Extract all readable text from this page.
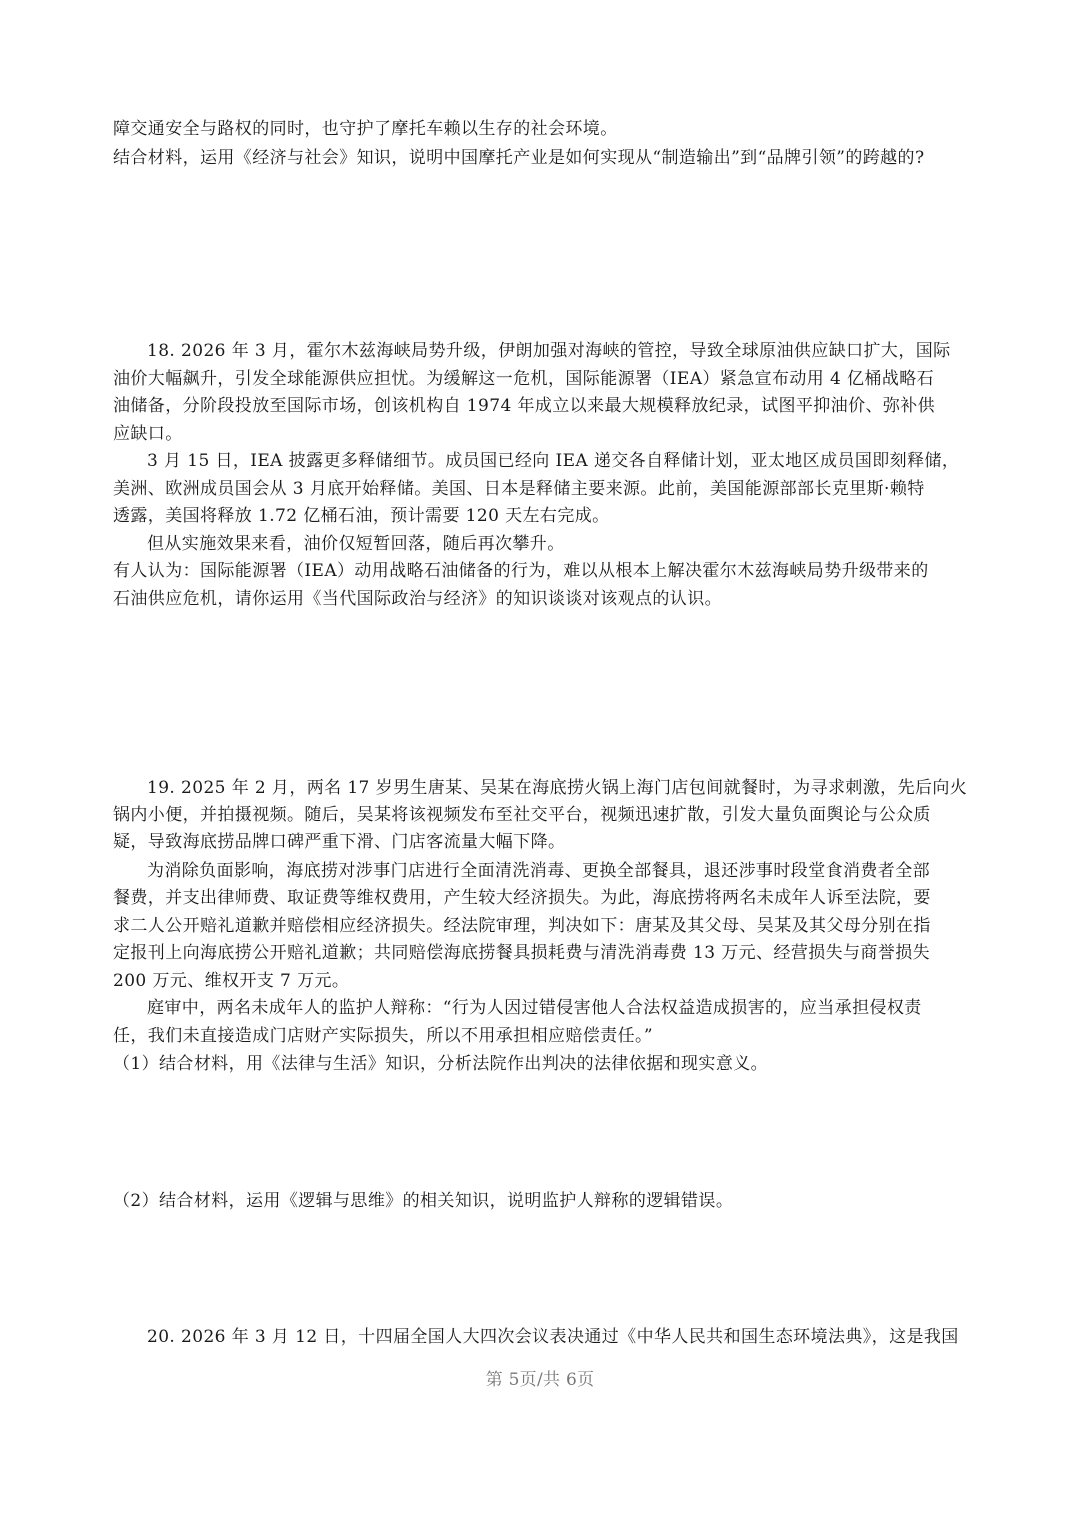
障交通安全与路权的同时，也守护了摩托车赖以生存的社会环境。
结合材料，运用《经济与社会》知识，说明中国摩托产业是如何实现从“制造输出”到“品牌引领”的跨越的?
18. 2026 年 3 月，霍尔木兹海峡局势升级，伊朗加强对海峡的管控，导致全球原油供应缺口扩大，国际
油价大幅飙升，引发全球能源供应担忧。为缓解这一危机，国际能源署（IEA）紧急宣布动用 4 亿桶战略石
油储备，分阶段投放至国际市场，创该机构自 1974 年成立以来最大规模释放纪录，试图平抑油价、弥补供
应缺口。
3 月 15 日，IEA 披露更多释储细节。成员国已经向 IEA 递交各自释储计划，亚太地区成员国即刻释储，
美洲、欧洲成员国会从 3 月底开始释储。美国、日本是释储主要来源。此前，美国能源部部长克里斯·赖特
透露，美国将释放 1.72 亿桶石油，预计需要 120 天左右完成。
但从实施效果来看，油价仅短暂回落，随后再次攀升。
有人认为：国际能源署（IEA）动用战略石油储备的行为，难以从根本上解决霍尔木兹海峡局势升级带来的
石油供应危机，请你运用《当代国际政治与经济》的知识谈谈对该观点的认识。
19. 2025 年 2 月，两名 17 岁男生唐某、吴某在海底捞火锅上海门店包间就餐时，为寻求刺激，先后向火
锅内小便，并拍摄视频。随后，吴某将该视频发布至社交平台，视频迅速扩散，引发大量负面舆论与公众质
疑，导致海底捞品牌口碑严重下滑、门店客流量大幅下降。
为消除负面影响，海底捞对涉事门店进行全面清洗消毒、更换全部餐具，退还涉事时段堂食消费者全部
餐费，并支出律师费、取证费等维权费用，产生较大经济损失。为此，海底捞将两名未成年人诉至法院，要
求二人公开赔礼道歉并赔偿相应经济损失。经法院审理，判决如下：唐某及其父母、吴某及其父母分别在指
定报刊上向海底捞公开赔礼道歉；共同赔偿海底捞餐具损耗费与清洗消毒费 13 万元、经营损失与商誉损失
200 万元、维权开支 7 万元。
庭审中，两名未成年人的监护人辩称：“行为人因过错侵害他人合法权益造成损害的，应当承担侵权责
任，我们未直接造成门店财产实际损失，所以不用承担相应赔偿责任。”
（1）结合材料，用《法律与生活》知识，分析法院作出判决的法律依据和现实意义。
（2）结合材料，运用《逻辑与思维》的相关知识，说明监护人辩称的逻辑错误。
20. 2026 年 3 月 12 日，十四届全国人大四次会议表决通过《中华人民共和国生态环境法典》，这是我国
第 5页/共 6页
